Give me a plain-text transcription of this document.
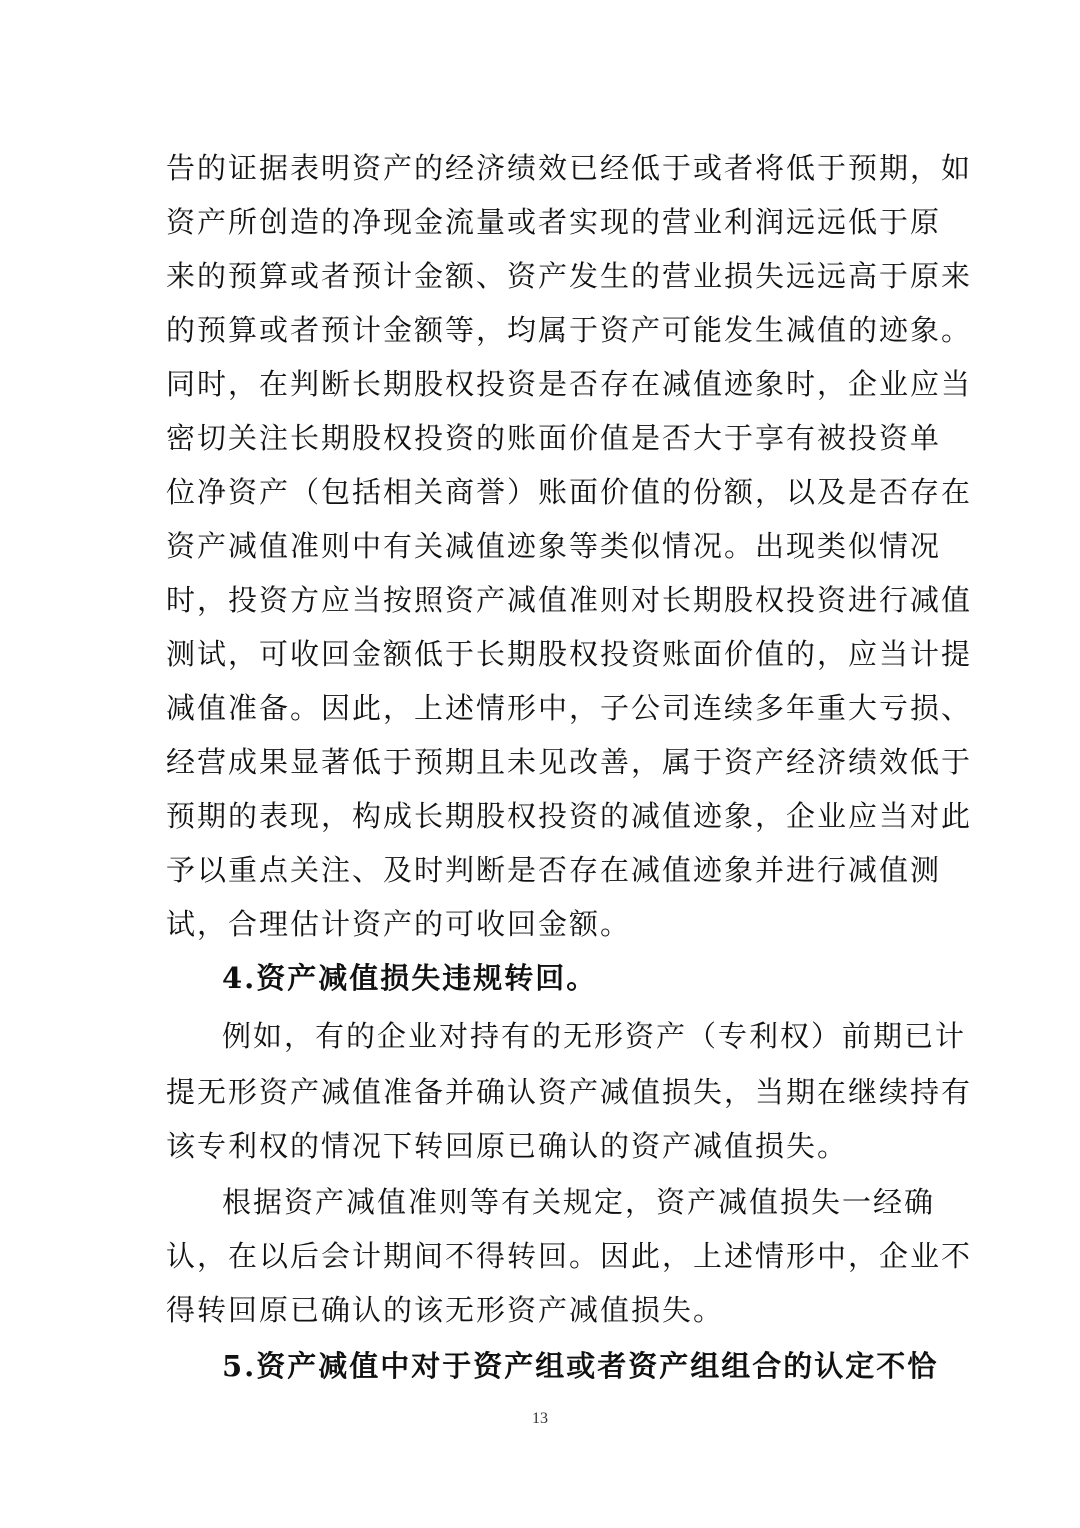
告的证据表明资产的经济绩效已经低于或者将低于预期，如
资产所创造的净现金流量或者实现的营业利润远远低于原
来的预算或者预计金额、资产发生的营业损失远远高于原来
的预算或者预计金额等，均属于资产可能发生减值的迹象。
同时，在判断长期股权投资是否存在减值迹象时，企业应当
密切关注长期股权投资的账面价值是否大于享有被投资单
位净资产（包括相关商誉）账面价值的份额，以及是否存在
资产减值准则中有关减值迹象等类似情况。出现类似情况
时，投资方应当按照资产减值准则对长期股权投资进行减值
测试，可收回金额低于长期股权投资账面价值的，应当计提
减值准备。因此，上述情形中，子公司连续多年重大亏损、
经营成果显著低于预期且未见改善，属于资产经济绩效低于
预期的表现，构成长期股权投资的减值迹象，企业应当对此
予以重点关注、及时判断是否存在减值迹象并进行减值测
试，合理估计资产的可收回金额。
4.资产减值损失违规转回。
例如，有的企业对持有的无形资产（专利权）前期已计
提无形资产减值准备并确认资产减值损失，当期在继续持有
该专利权的情况下转回原已确认的资产减值损失。
根据资产减值准则等有关规定，资产减值损失一经确
认，在以后会计期间不得转回。因此，上述情形中，企业不
得转回原已确认的该无形资产减值损失。
5.资产减值中对于资产组或者资产组组合的认定不恰
13
